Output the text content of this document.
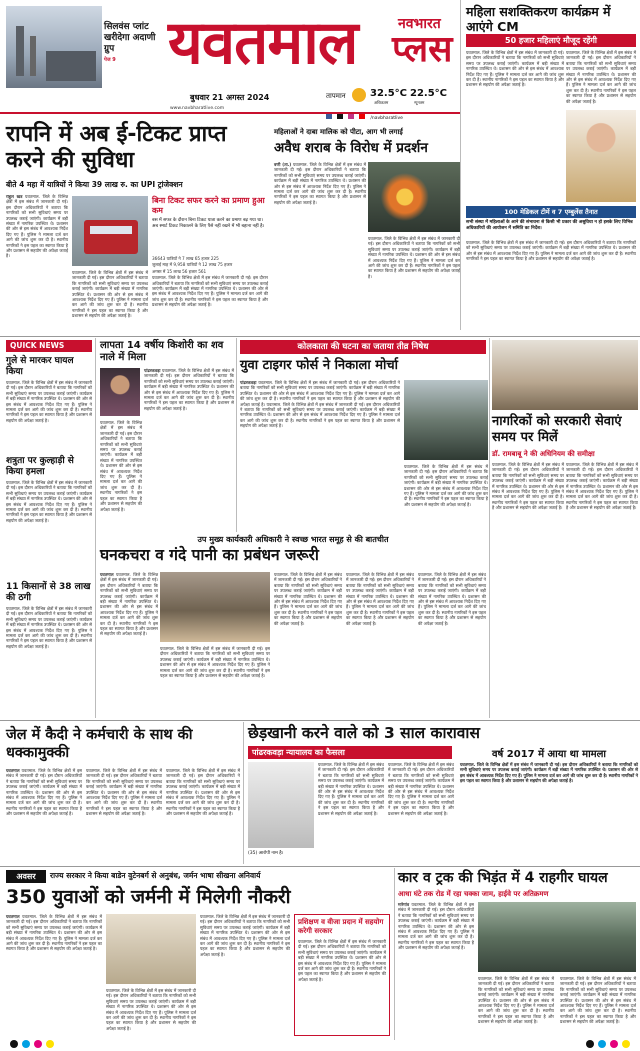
सिलवंस प्लांट खरीदेगा अदाणी ग्रुप
पेज 9 यवतमाल	नवभारत
प्लस
बुधवार 21 अगस्त 2024	तापमान 32.5°C
अधिकतम
22.5°C
न्यूनतम
www.navbharatlive.com
/navbharatlive
महिला सशक्तिकरण कार्यक्रम में आएंगे CM
50 हजार महिलाएं मौजूद रहेंगी
यवतमाल. जिले के विभिन्न क्षेत्रों में इस संबंध में जानकारी दी गई। इस दौरान अधिकारियों ने बताया कि नागरिकों को सभी सुविधाएं समय पर उपलब्ध कराई जाएंगी। कार्यक्रम में बड़ी संख्या में नागरिक उपस्थित थे। प्रशासन की ओर से इस संबंध में आवश्यक निर्देश दिए गए हैं। पुलिस ने मामला दर्ज कर आगे की जांच शुरू कर दी है। स्थानीय नागरिकों ने इस पहल का स्वागत किया है और प्रशासन से सहयोग की अपेक्षा जताई है।
यवतमाल. जिले के विभिन्न क्षेत्रों में इस संबंध में जानकारी दी गई। इस दौरान अधिकारियों ने बताया कि नागरिकों को सभी सुविधाएं समय पर उपलब्ध कराई जाएंगी। कार्यक्रम में बड़ी संख्या में नागरिक उपस्थित थे। प्रशासन की ओर से इस संबंध में आवश्यक निर्देश दिए गए हैं। पुलिस ने मामला दर्ज कर आगे की जांच शुरू कर दी है। स्थानीय नागरिकों ने इस पहल का स्वागत किया है और प्रशासन से सहयोग की अपेक्षा जताई है।
100 मेडिकल टीमें व 7 एम्बुलेंस तैनात
सभी संस्था में महिलाओं के आने की संभावना से किसी भी प्रकार की असुविधा न हो इसके लिए विभिन्न अधिकारियों की आयोजन में समिति का निर्देश।
यवतमाल. जिले के विभिन्न क्षेत्रों में इस संबंध में जानकारी दी गई। इस दौरान अधिकारियों ने बताया कि नागरिकों को सभी सुविधाएं समय पर उपलब्ध कराई जाएंगी। कार्यक्रम में बड़ी संख्या में नागरिक उपस्थित थे। प्रशासन की ओर से इस संबंध में आवश्यक निर्देश दिए गए हैं। पुलिस ने मामला दर्ज कर आगे की जांच शुरू कर दी है। स्थानीय नागरिकों ने इस पहल का स्वागत किया है और प्रशासन से सहयोग की अपेक्षा जताई है।
रापनि में अब ई-टिकट प्राप्त करने की सुविधा
बीते 4 महा में यात्रियों ने किया 39 लाख रु. का UPI ट्रांजेक्शन

राहुल खत्र यवतमाल. जिले के विभिन्न क्षेत्रों में इस संबंध में जानकारी दी गई। इस दौरान अधिकारियों ने बताया कि नागरिकों को सभी सुविधाएं समय पर उपलब्ध कराई जाएंगी। कार्यक्रम में बड़ी संख्या में नागरिक उपस्थित थे। प्रशासन की ओर से इस संबंध में आवश्यक निर्देश दिए गए हैं। पुलिस ने मामला दर्ज कर आगे की जांच शुरू कर दी है। स्थानीय नागरिकों ने इस पहल का स्वागत किया है और प्रशासन से सहयोग की अपेक्षा जताई है।

बिना टिकट सफर करने का प्रमाण हुआ कम
बस में सफर के दौरान बिना टिकट यात्रा करने का प्रमाण बढ़ गया था। अब स्मार्ट टिकट निकालने के लिए पैसे नहीं रखने में भी बहाना नहीं है।
यवतमाल. जिले के विभिन्न क्षेत्रों में इस संबंध में जानकारी दी गई। इस दौरान अधिकारियों ने बताया कि नागरिकों को सभी सुविधाएं समय पर उपलब्ध कराई जाएंगी। कार्यक्रम में बड़ी संख्या में नागरिक उपस्थित थे। प्रशासन की ओर से इस संबंध में आवश्यक निर्देश दिए गए हैं। पुलिस ने मामला दर्ज कर आगे की जांच शुरू कर दी है। स्थानीय नागरिकों ने इस पहल का स्वागत किया है और प्रशासन से सहयोग की अपेक्षा जताई है।

36643 यात्रियों ने 7 लाख 65 हजार 225

जुलाई माह में 9,958 यात्रियों ने 12 लाख 75 हजार

अगस्त में 15 लाख 56 हजार 561

यवतमाल. जिले के विभिन्न क्षेत्रों में इस संबंध में जानकारी दी गई। इस दौरान अधिकारियों ने बताया कि नागरिकों को सभी सुविधाएं समय पर उपलब्ध कराई जाएंगी। कार्यक्रम में बड़ी संख्या में नागरिक उपस्थित थे। प्रशासन की ओर से इस संबंध में आवश्यक निर्देश दिए गए हैं। पुलिस ने मामला दर्ज कर आगे की जांच शुरू कर दी है। स्थानीय नागरिकों ने इस पहल का स्वागत किया है और प्रशासन से सहयोग की अपेक्षा जताई है।

महिलाओं ने दाबा मालिक को पीटा, आग भी लगाई
अवैध शराब के विरोध में प्रदर्शन

वणी (ता.) यवतमाल. जिले के विभिन्न क्षेत्रों में इस संबंध में जानकारी दी गई। इस दौरान अधिकारियों ने बताया कि नागरिकों को सभी सुविधाएं समय पर उपलब्ध कराई जाएंगी। कार्यक्रम में बड़ी संख्या में नागरिक उपस्थित थे। प्रशासन की ओर से इस संबंध में आवश्यक निर्देश दिए गए हैं। पुलिस ने मामला दर्ज कर आगे की जांच शुरू कर दी है। स्थानीय नागरिकों ने इस पहल का स्वागत किया है और प्रशासन से सहयोग की अपेक्षा जताई है।

यवतमाल. जिले के विभिन्न क्षेत्रों में इस संबंध में जानकारी दी गई। इस दौरान अधिकारियों ने बताया कि नागरिकों को सभी सुविधाएं समय पर उपलब्ध कराई जाएंगी। कार्यक्रम में बड़ी संख्या में नागरिक उपस्थित थे। प्रशासन की ओर से इस संबंध में आवश्यक निर्देश दिए गए हैं। पुलिस ने मामला दर्ज कर आगे की जांच शुरू कर दी है। स्थानीय नागरिकों ने इस पहल का स्वागत किया है और प्रशासन से सहयोग की अपेक्षा जताई है।
QUICK NEWS
गुले से मारकर घायल किया
यवतमाल. जिले के विभिन्न क्षेत्रों में इस संबंध में जानकारी दी गई। इस दौरान अधिकारियों ने बताया कि नागरिकों को सभी सुविधाएं समय पर उपलब्ध कराई जाएंगी। कार्यक्रम में बड़ी संख्या में नागरिक उपस्थित थे। प्रशासन की ओर से इस संबंध में आवश्यक निर्देश दिए गए हैं। पुलिस ने मामला दर्ज कर आगे की जांच शुरू कर दी है। स्थानीय नागरिकों ने इस पहल का स्वागत किया है और प्रशासन से सहयोग की अपेक्षा जताई है।
शत्रुता पर कुल्हाड़ी से किया हमला
यवतमाल. जिले के विभिन्न क्षेत्रों में इस संबंध में जानकारी दी गई। इस दौरान अधिकारियों ने बताया कि नागरिकों को सभी सुविधाएं समय पर उपलब्ध कराई जाएंगी। कार्यक्रम में बड़ी संख्या में नागरिक उपस्थित थे। प्रशासन की ओर से इस संबंध में आवश्यक निर्देश दिए गए हैं। पुलिस ने मामला दर्ज कर आगे की जांच शुरू कर दी है। स्थानीय नागरिकों ने इस पहल का स्वागत किया है और प्रशासन से सहयोग की अपेक्षा जताई है।
11 किसानों से 38 लाख की ठगी
यवतमाल. जिले के विभिन्न क्षेत्रों में इस संबंध में जानकारी दी गई। इस दौरान अधिकारियों ने बताया कि नागरिकों को सभी सुविधाएं समय पर उपलब्ध कराई जाएंगी। कार्यक्रम में बड़ी संख्या में नागरिक उपस्थित थे। प्रशासन की ओर से इस संबंध में आवश्यक निर्देश दिए गए हैं। पुलिस ने मामला दर्ज कर आगे की जांच शुरू कर दी है। स्थानीय नागरिकों ने इस पहल का स्वागत किया है और प्रशासन से सहयोग की अपेक्षा जताई है।
लापता 14 वर्षीय किशोरी का शव नाले में मिला

पांढरकवड़ा यवतमाल. जिले के विभिन्न क्षेत्रों में इस संबंध में जानकारी दी गई। इस दौरान अधिकारियों ने बताया कि नागरिकों को सभी सुविधाएं समय पर उपलब्ध कराई जाएंगी। कार्यक्रम में बड़ी संख्या में नागरिक उपस्थित थे। प्रशासन की ओर से इस संबंध में आवश्यक निर्देश दिए गए हैं। पुलिस ने मामला दर्ज कर आगे की जांच शुरू कर दी है। स्थानीय नागरिकों ने इस पहल का स्वागत किया है और प्रशासन से सहयोग की अपेक्षा जताई है।

यवतमाल. जिले के विभिन्न क्षेत्रों में इस संबंध में जानकारी दी गई। इस दौरान अधिकारियों ने बताया कि नागरिकों को सभी सुविधाएं समय पर उपलब्ध कराई जाएंगी। कार्यक्रम में बड़ी संख्या में नागरिक उपस्थित थे। प्रशासन की ओर से इस संबंध में आवश्यक निर्देश दिए गए हैं। पुलिस ने मामला दर्ज कर आगे की जांच शुरू कर दी है। स्थानीय नागरिकों ने इस पहल का स्वागत किया है और प्रशासन से सहयोग की अपेक्षा जताई है।
कोलकाता की घटना का जताया तीव्र निषेध
युवा टाइगर फोर्स ने निकाला मोर्चा

पांढरकवड़ा यवतमाल. जिले के विभिन्न क्षेत्रों में इस संबंध में जानकारी दी गई। इस दौरान अधिकारियों ने बताया कि नागरिकों को सभी सुविधाएं समय पर उपलब्ध कराई जाएंगी। कार्यक्रम में बड़ी संख्या में नागरिक उपस्थित थे। प्रशासन की ओर से इस संबंध में आवश्यक निर्देश दिए गए हैं। पुलिस ने मामला दर्ज कर आगे की जांच शुरू कर दी है। स्थानीय नागरिकों ने इस पहल का स्वागत किया है और प्रशासन से सहयोग की अपेक्षा जताई है। यवतमाल. जिले के विभिन्न क्षेत्रों में इस संबंध में जानकारी दी गई। इस दौरान अधिकारियों ने बताया कि नागरिकों को सभी सुविधाएं समय पर उपलब्ध कराई जाएंगी। कार्यक्रम में बड़ी संख्या में नागरिक उपस्थित थे। प्रशासन की ओर से इस संबंध में आवश्यक निर्देश दिए गए हैं। पुलिस ने मामला दर्ज कर आगे की जांच शुरू कर दी है। स्थानीय नागरिकों ने इस पहल का स्वागत किया है और प्रशासन से सहयोग की अपेक्षा जताई है।

यवतमाल. जिले के विभिन्न क्षेत्रों में इस संबंध में जानकारी दी गई। इस दौरान अधिकारियों ने बताया कि नागरिकों को सभी सुविधाएं समय पर उपलब्ध कराई जाएंगी। कार्यक्रम में बड़ी संख्या में नागरिक उपस्थित थे। प्रशासन की ओर से इस संबंध में आवश्यक निर्देश दिए गए हैं। पुलिस ने मामला दर्ज कर आगे की जांच शुरू कर दी है। स्थानीय नागरिकों ने इस पहल का स्वागत किया है और प्रशासन से सहयोग की अपेक्षा जताई है।
नागरिकों को सरकारी सेवाएं समय पर मिलें
डॉ. रामबाबू ने की अधिनियम की समीक्षा
यवतमाल. जिले के विभिन्न क्षेत्रों में इस संबंध में जानकारी दी गई। इस दौरान अधिकारियों ने बताया कि नागरिकों को सभी सुविधाएं समय पर उपलब्ध कराई जाएंगी। कार्यक्रम में बड़ी संख्या में नागरिक उपस्थित थे। प्रशासन की ओर से इस संबंध में आवश्यक निर्देश दिए गए हैं। पुलिस ने मामला दर्ज कर आगे की जांच शुरू कर दी है। स्थानीय नागरिकों ने इस पहल का स्वागत किया है और प्रशासन से सहयोग की अपेक्षा जताई है।
यवतमाल. जिले के विभिन्न क्षेत्रों में इस संबंध में जानकारी दी गई। इस दौरान अधिकारियों ने बताया कि नागरिकों को सभी सुविधाएं समय पर उपलब्ध कराई जाएंगी। कार्यक्रम में बड़ी संख्या में नागरिक उपस्थित थे। प्रशासन की ओर से इस संबंध में आवश्यक निर्देश दिए गए हैं। पुलिस ने मामला दर्ज कर आगे की जांच शुरू कर दी है। स्थानीय नागरिकों ने इस पहल का स्वागत किया है और प्रशासन से सहयोग की अपेक्षा जताई है।
उप मुख्य कार्यकारी अधिकारी ने स्वच्छ भारत समूह से की बातचीत
घनकचरा व गंदे पानी का प्रबंधन जरूरी

यवतमाल यवतमाल. जिले के विभिन्न क्षेत्रों में इस संबंध में जानकारी दी गई। इस दौरान अधिकारियों ने बताया कि नागरिकों को सभी सुविधाएं समय पर उपलब्ध कराई जाएंगी। कार्यक्रम में बड़ी संख्या में नागरिक उपस्थित थे। प्रशासन की ओर से इस संबंध में आवश्यक निर्देश दिए गए हैं। पुलिस ने मामला दर्ज कर आगे की जांच शुरू कर दी है। स्थानीय नागरिकों ने इस पहल का स्वागत किया है और प्रशासन से सहयोग की अपेक्षा जताई है।

यवतमाल. जिले के विभिन्न क्षेत्रों में इस संबंध में जानकारी दी गई। इस दौरान अधिकारियों ने बताया कि नागरिकों को सभी सुविधाएं समय पर उपलब्ध कराई जाएंगी। कार्यक्रम में बड़ी संख्या में नागरिक उपस्थित थे। प्रशासन की ओर से इस संबंध में आवश्यक निर्देश दिए गए हैं। पुलिस ने मामला दर्ज कर आगे की जांच शुरू कर दी है। स्थानीय नागरिकों ने इस पहल का स्वागत किया है और प्रशासन से सहयोग की अपेक्षा जताई है।
यवतमाल. जिले के विभिन्न क्षेत्रों में इस संबंध में जानकारी दी गई। इस दौरान अधिकारियों ने बताया कि नागरिकों को सभी सुविधाएं समय पर उपलब्ध कराई जाएंगी। कार्यक्रम में बड़ी संख्या में नागरिक उपस्थित थे। प्रशासन की ओर से इस संबंध में आवश्यक निर्देश दिए गए हैं। पुलिस ने मामला दर्ज कर आगे की जांच शुरू कर दी है। स्थानीय नागरिकों ने इस पहल का स्वागत किया है और प्रशासन से सहयोग की अपेक्षा जताई है।
यवतमाल. जिले के विभिन्न क्षेत्रों में इस संबंध में जानकारी दी गई। इस दौरान अधिकारियों ने बताया कि नागरिकों को सभी सुविधाएं समय पर उपलब्ध कराई जाएंगी। कार्यक्रम में बड़ी संख्या में नागरिक उपस्थित थे। प्रशासन की ओर से इस संबंध में आवश्यक निर्देश दिए गए हैं। पुलिस ने मामला दर्ज कर आगे की जांच शुरू कर दी है। स्थानीय नागरिकों ने इस पहल का स्वागत किया है और प्रशासन से सहयोग की अपेक्षा जताई है।
यवतमाल. जिले के विभिन्न क्षेत्रों में इस संबंध में जानकारी दी गई। इस दौरान अधिकारियों ने बताया कि नागरिकों को सभी सुविधाएं समय पर उपलब्ध कराई जाएंगी। कार्यक्रम में बड़ी संख्या में नागरिक उपस्थित थे। प्रशासन की ओर से इस संबंध में आवश्यक निर्देश दिए गए हैं। पुलिस ने मामला दर्ज कर आगे की जांच शुरू कर दी है। स्थानीय नागरिकों ने इस पहल का स्वागत किया है और प्रशासन से सहयोग की अपेक्षा जताई है।
जेल में कैदी ने कर्मचारी के साथ की धक्कामुक्की

यवतमाल यवतमाल. जिले के विभिन्न क्षेत्रों में इस संबंध में जानकारी दी गई। इस दौरान अधिकारियों ने बताया कि नागरिकों को सभी सुविधाएं समय पर उपलब्ध कराई जाएंगी। कार्यक्रम में बड़ी संख्या में नागरिक उपस्थित थे। प्रशासन की ओर से इस संबंध में आवश्यक निर्देश दिए गए हैं। पुलिस ने मामला दर्ज कर आगे की जांच शुरू कर दी है। स्थानीय नागरिकों ने इस पहल का स्वागत किया है और प्रशासन से सहयोग की अपेक्षा जताई है।

यवतमाल. जिले के विभिन्न क्षेत्रों में इस संबंध में जानकारी दी गई। इस दौरान अधिकारियों ने बताया कि नागरिकों को सभी सुविधाएं समय पर उपलब्ध कराई जाएंगी। कार्यक्रम में बड़ी संख्या में नागरिक उपस्थित थे। प्रशासन की ओर से इस संबंध में आवश्यक निर्देश दिए गए हैं। पुलिस ने मामला दर्ज कर आगे की जांच शुरू कर दी है। स्थानीय नागरिकों ने इस पहल का स्वागत किया है और प्रशासन से सहयोग की अपेक्षा जताई है।
यवतमाल. जिले के विभिन्न क्षेत्रों में इस संबंध में जानकारी दी गई। इस दौरान अधिकारियों ने बताया कि नागरिकों को सभी सुविधाएं समय पर उपलब्ध कराई जाएंगी। कार्यक्रम में बड़ी संख्या में नागरिक उपस्थित थे। प्रशासन की ओर से इस संबंध में आवश्यक निर्देश दिए गए हैं। पुलिस ने मामला दर्ज कर आगे की जांच शुरू कर दी है। स्थानीय नागरिकों ने इस पहल का स्वागत किया है और प्रशासन से सहयोग की अपेक्षा जताई है।
छेड़खानी करने वाले को 3 साल कारावास
पांढरकवड़ा न्यायालय का फैसला
(35) आरोपी नाम है।
यवतमाल. जिले के विभिन्न क्षेत्रों में इस संबंध में जानकारी दी गई। इस दौरान अधिकारियों ने बताया कि नागरिकों को सभी सुविधाएं समय पर उपलब्ध कराई जाएंगी। कार्यक्रम में बड़ी संख्या में नागरिक उपस्थित थे। प्रशासन की ओर से इस संबंध में आवश्यक निर्देश दिए गए हैं। पुलिस ने मामला दर्ज कर आगे की जांच शुरू कर दी है। स्थानीय नागरिकों ने इस पहल का स्वागत किया है और प्रशासन से सहयोग की अपेक्षा जताई है।
यवतमाल. जिले के विभिन्न क्षेत्रों में इस संबंध में जानकारी दी गई। इस दौरान अधिकारियों ने बताया कि नागरिकों को सभी सुविधाएं समय पर उपलब्ध कराई जाएंगी। कार्यक्रम में बड़ी संख्या में नागरिक उपस्थित थे। प्रशासन की ओर से इस संबंध में आवश्यक निर्देश दिए गए हैं। पुलिस ने मामला दर्ज कर आगे की जांच शुरू कर दी है। स्थानीय नागरिकों ने इस पहल का स्वागत किया है और प्रशासन से सहयोग की अपेक्षा जताई है।
वर्ष 2017 में आया था मामला
यवतमाल. जिले के विभिन्न क्षेत्रों में इस संबंध में जानकारी दी गई। इस दौरान अधिकारियों ने बताया कि नागरिकों को सभी सुविधाएं समय पर उपलब्ध कराई जाएंगी। कार्यक्रम में बड़ी संख्या में नागरिक उपस्थित थे। प्रशासन की ओर से इस संबंध में आवश्यक निर्देश दिए गए हैं। पुलिस ने मामला दर्ज कर आगे की जांच शुरू कर दी है। स्थानीय नागरिकों ने इस पहल का स्वागत किया है और प्रशासन से सहयोग की अपेक्षा जताई है।
अवसर	राज्य सरकार ने किया बाडेन वुटेनबर्ग से अनुबंध, जर्मन भाषा सीखना अनिवार्य
350 युवाओं को जर्मनी में मिलेगी नौकरी

यवतमाल यवतमाल. जिले के विभिन्न क्षेत्रों में इस संबंध में जानकारी दी गई। इस दौरान अधिकारियों ने बताया कि नागरिकों को सभी सुविधाएं समय पर उपलब्ध कराई जाएंगी। कार्यक्रम में बड़ी संख्या में नागरिक उपस्थित थे। प्रशासन की ओर से इस संबंध में आवश्यक निर्देश दिए गए हैं। पुलिस ने मामला दर्ज कर आगे की जांच शुरू कर दी है। स्थानीय नागरिकों ने इस पहल का स्वागत किया है और प्रशासन से सहयोग की अपेक्षा जताई है।

यवतमाल. जिले के विभिन्न क्षेत्रों में इस संबंध में जानकारी दी गई। इस दौरान अधिकारियों ने बताया कि नागरिकों को सभी सुविधाएं समय पर उपलब्ध कराई जाएंगी। कार्यक्रम में बड़ी संख्या में नागरिक उपस्थित थे। प्रशासन की ओर से इस संबंध में आवश्यक निर्देश दिए गए हैं। पुलिस ने मामला दर्ज कर आगे की जांच शुरू कर दी है। स्थानीय नागरिकों ने इस पहल का स्वागत किया है और प्रशासन से सहयोग की अपेक्षा जताई है।
यवतमाल. जिले के विभिन्न क्षेत्रों में इस संबंध में जानकारी दी गई। इस दौरान अधिकारियों ने बताया कि नागरिकों को सभी सुविधाएं समय पर उपलब्ध कराई जाएंगी। कार्यक्रम में बड़ी संख्या में नागरिक उपस्थित थे। प्रशासन की ओर से इस संबंध में आवश्यक निर्देश दिए गए हैं। पुलिस ने मामला दर्ज कर आगे की जांच शुरू कर दी है। स्थानीय नागरिकों ने इस पहल का स्वागत किया है और प्रशासन से सहयोग की अपेक्षा जताई है।
प्रशिक्षण व वीजा प्रदान में सहयोग करेगी सरकार
यवतमाल. जिले के विभिन्न क्षेत्रों में इस संबंध में जानकारी दी गई। इस दौरान अधिकारियों ने बताया कि नागरिकों को सभी सुविधाएं समय पर उपलब्ध कराई जाएंगी। कार्यक्रम में बड़ी संख्या में नागरिक उपस्थित थे। प्रशासन की ओर से इस संबंध में आवश्यक निर्देश दिए गए हैं। पुलिस ने मामला दर्ज कर आगे की जांच शुरू कर दी है। स्थानीय नागरिकों ने इस पहल का स्वागत किया है और प्रशासन से सहयोग की अपेक्षा जताई है।
कार व ट्रक की भिड़ंत में 4 राहगीर घायल
आधा घंटे तक रोड में रहा चक्का जाम, हाईवे पर अतिक्रमण

मारेगांव यवतमाल. जिले के विभिन्न क्षेत्रों में इस संबंध में जानकारी दी गई। इस दौरान अधिकारियों ने बताया कि नागरिकों को सभी सुविधाएं समय पर उपलब्ध कराई जाएंगी। कार्यक्रम में बड़ी संख्या में नागरिक उपस्थित थे। प्रशासन की ओर से इस संबंध में आवश्यक निर्देश दिए गए हैं। पुलिस ने मामला दर्ज कर आगे की जांच शुरू कर दी है। स्थानीय नागरिकों ने इस पहल का स्वागत किया है और प्रशासन से सहयोग की अपेक्षा जताई है।

यवतमाल. जिले के विभिन्न क्षेत्रों में इस संबंध में जानकारी दी गई। इस दौरान अधिकारियों ने बताया कि नागरिकों को सभी सुविधाएं समय पर उपलब्ध कराई जाएंगी। कार्यक्रम में बड़ी संख्या में नागरिक उपस्थित थे। प्रशासन की ओर से इस संबंध में आवश्यक निर्देश दिए गए हैं। पुलिस ने मामला दर्ज कर आगे की जांच शुरू कर दी है। स्थानीय नागरिकों ने इस पहल का स्वागत किया है और प्रशासन से सहयोग की अपेक्षा जताई है।
यवतमाल. जिले के विभिन्न क्षेत्रों में इस संबंध में जानकारी दी गई। इस दौरान अधिकारियों ने बताया कि नागरिकों को सभी सुविधाएं समय पर उपलब्ध कराई जाएंगी। कार्यक्रम में बड़ी संख्या में नागरिक उपस्थित थे। प्रशासन की ओर से इस संबंध में आवश्यक निर्देश दिए गए हैं। पुलिस ने मामला दर्ज कर आगे की जांच शुरू कर दी है। स्थानीय नागरिकों ने इस पहल का स्वागत किया है और प्रशासन से सहयोग की अपेक्षा जताई है।
